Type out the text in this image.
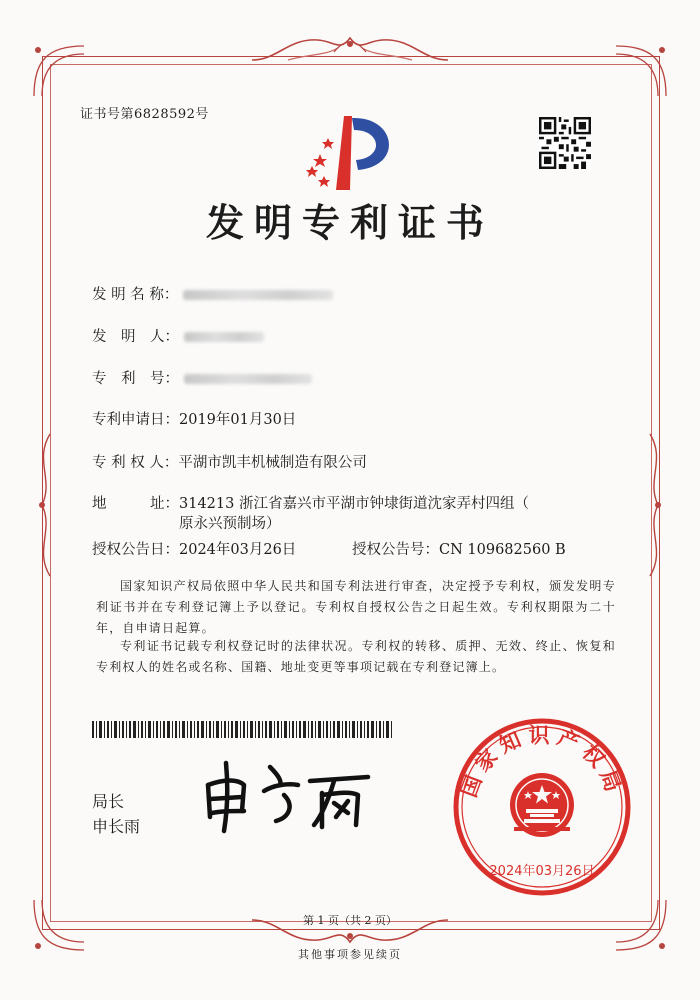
证书号第6828592号
发明专利证书
发 明 名 称：
发　明　人：
专　利　号：
专利申请日：2019年01月30日
专 利 权 人：平湖市凯丰机械制造有限公司
地　　　址：314213 浙江省嘉兴市平湖市钟埭街道沈家弄村四组（
原永兴预制场）
授权公告日：2024年03月26日	授权公告号：CN 109682560 B
国家知识产权局依照中华人民共和国专利法进行审查，决定授予专利权，颁发发明专利证书并在专利登记簿上予以登记。专利权自授权公告之日起生效。专利权期限为二十年，自申请日起算。
专利证书记载专利权登记时的法律状况。专利权的转移、质押、无效、终止、恢复和专利权人的姓名或名称、国籍、地址变更等事项记载在专利登记簿上。
局长
申长雨
国家知识产权局
2024年03月26日
第 1 页（共 2 页）
其他事项参见续页
